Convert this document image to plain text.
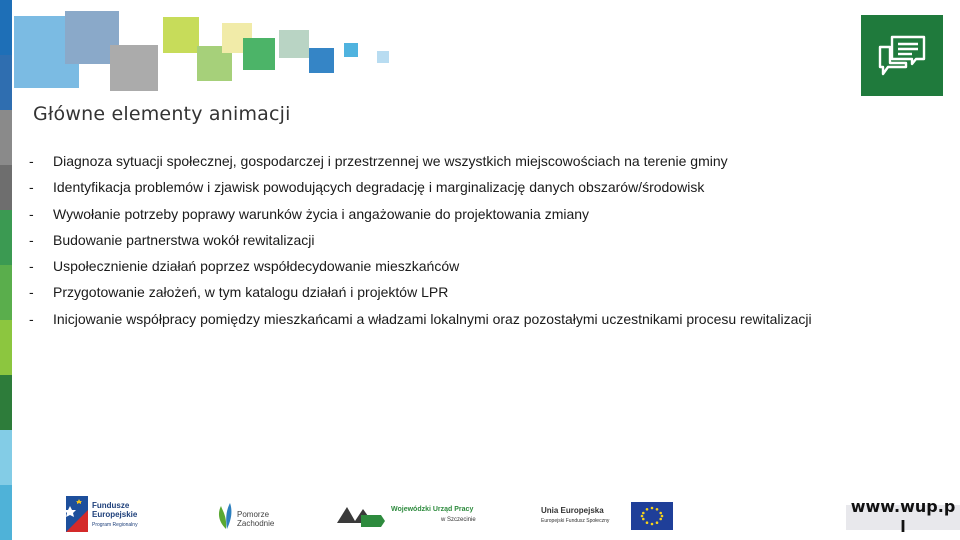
Główne elementy animacji
- Diagnoza sytuacji społecznej, gospodarczej i przestrzennej we wszystkich miejscowościach na terenie gminy
- Identyfikacja problemów i zjawisk powodujących degradację i marginalizację danych obszarów/środowisk
- Wywołanie potrzeby poprawy warunków życia i angażowanie do projektowania zmiany
- Budowanie partnerstwa wokół rewitalizacji
- Uspołecznienie działań poprzez współdecydowanie mieszkańców
- Przygotowanie założeń, w tym katalogu działań i projektów LPR
- Inicjowanie współpracy pomiędzy mieszkańcami a władzami lokalnymi oraz pozostałymi uczestnikami procesu rewitalizacji
Fundusze
Europejskie
Program Regionalny
Pomorze
Zachodnie
Wojewódzki Urząd Pracy
w Szczecinie
Unia Europejska
Europejski Fundusz Społeczny
www.wup.p
l
